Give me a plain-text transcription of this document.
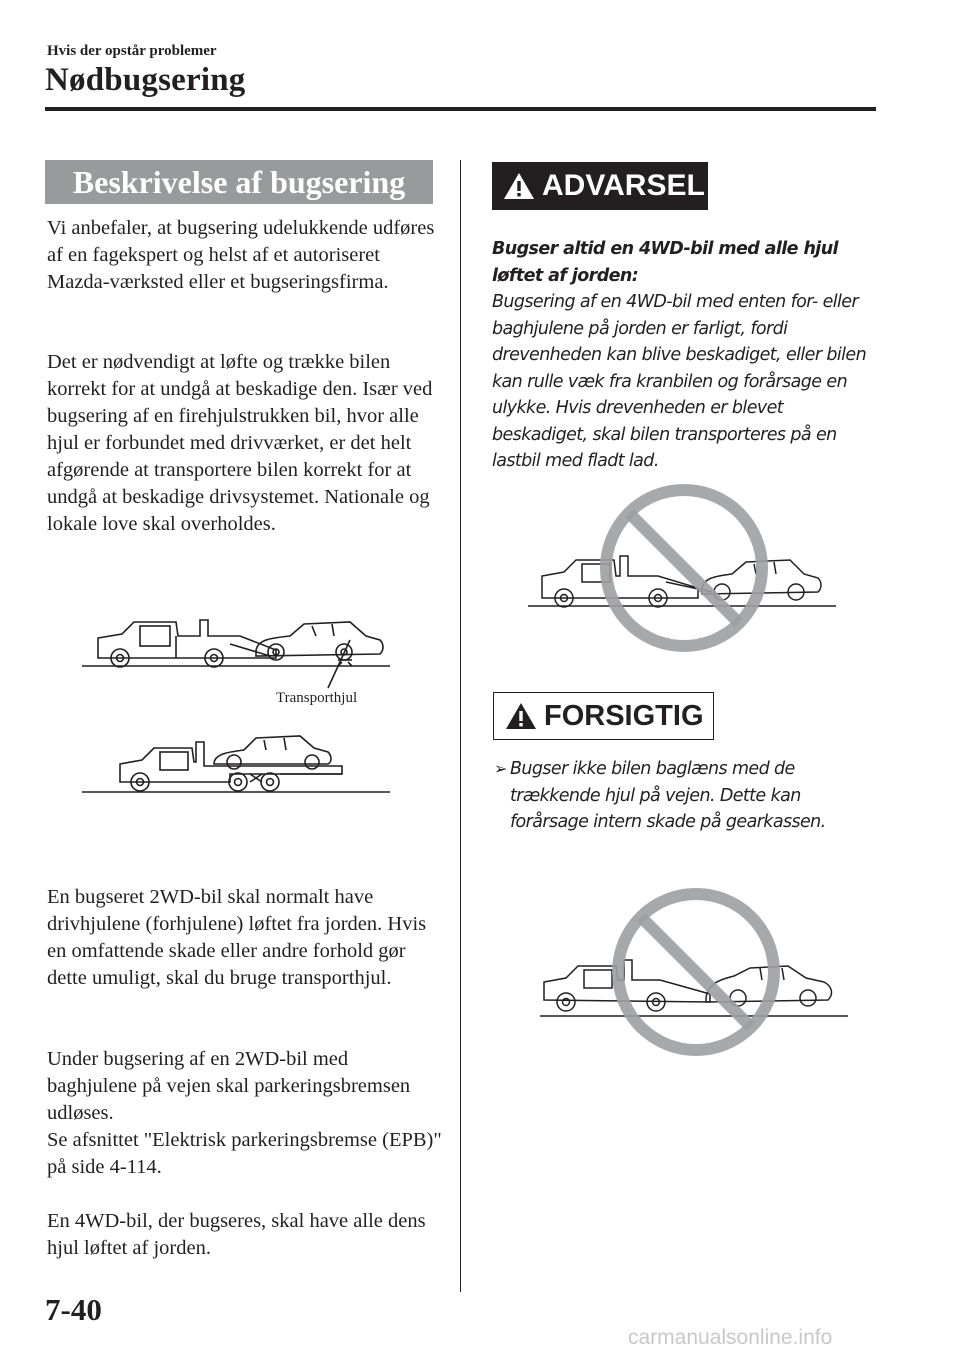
Hvis der opstår problemer
Nødbugsering
Beskrivelse af bugsering

Vi anbefaler, at bugsering udelukkende udføres af en fagekspert og helst af et autoriseret Mazda-værksted eller et bugseringsfirma.

Det er nødvendigt at løfte og trække bilen korrekt for at undgå at beskadige den. Især ved bugsering af en firehjulstrukken bil, hvor alle hjul er forbundet med drivværket, er det helt afgørende at transportere bilen korrekt for at undgå at beskadige drivsystemet. Nationale og lokale love skal overholdes.

Transporthjul

En bugseret 2WD-bil skal normalt have drivhjulene (forhjulene) løftet fra jorden. Hvis en omfattende skade eller andre forhold gør dette umuligt, skal du bruge transporthjul.

Under bugsering af en 2WD-bil med baghjulene på vejen skal parkeringsbremsen udløses.
Se afsnittet "Elektrisk parkeringsbremse (EPB)" på side 4-114.

En 4WD-bil, der bugseres, skal have alle dens hjul løftet af jorden.

ADVARSEL

Bugser altid en 4WD-bil med alle hjul løftet af jorden:
Bugsering af en 4WD-bil med enten for- eller baghjulene på jorden er farligt, fordi drevenheden kan blive beskadiget, eller bilen kan rulle væk fra kranbilen og forårsage en ulykke. Hvis drevenheden er blevet beskadiget, skal bilen transporteres på en lastbil med fladt lad.

FORSIGTIG
➢ Bugser ikke bilen baglæns med de trækkende hjul på vejen. Dette kan forårsage intern skade på gearkassen.
7-40
carmanualsonline.info
